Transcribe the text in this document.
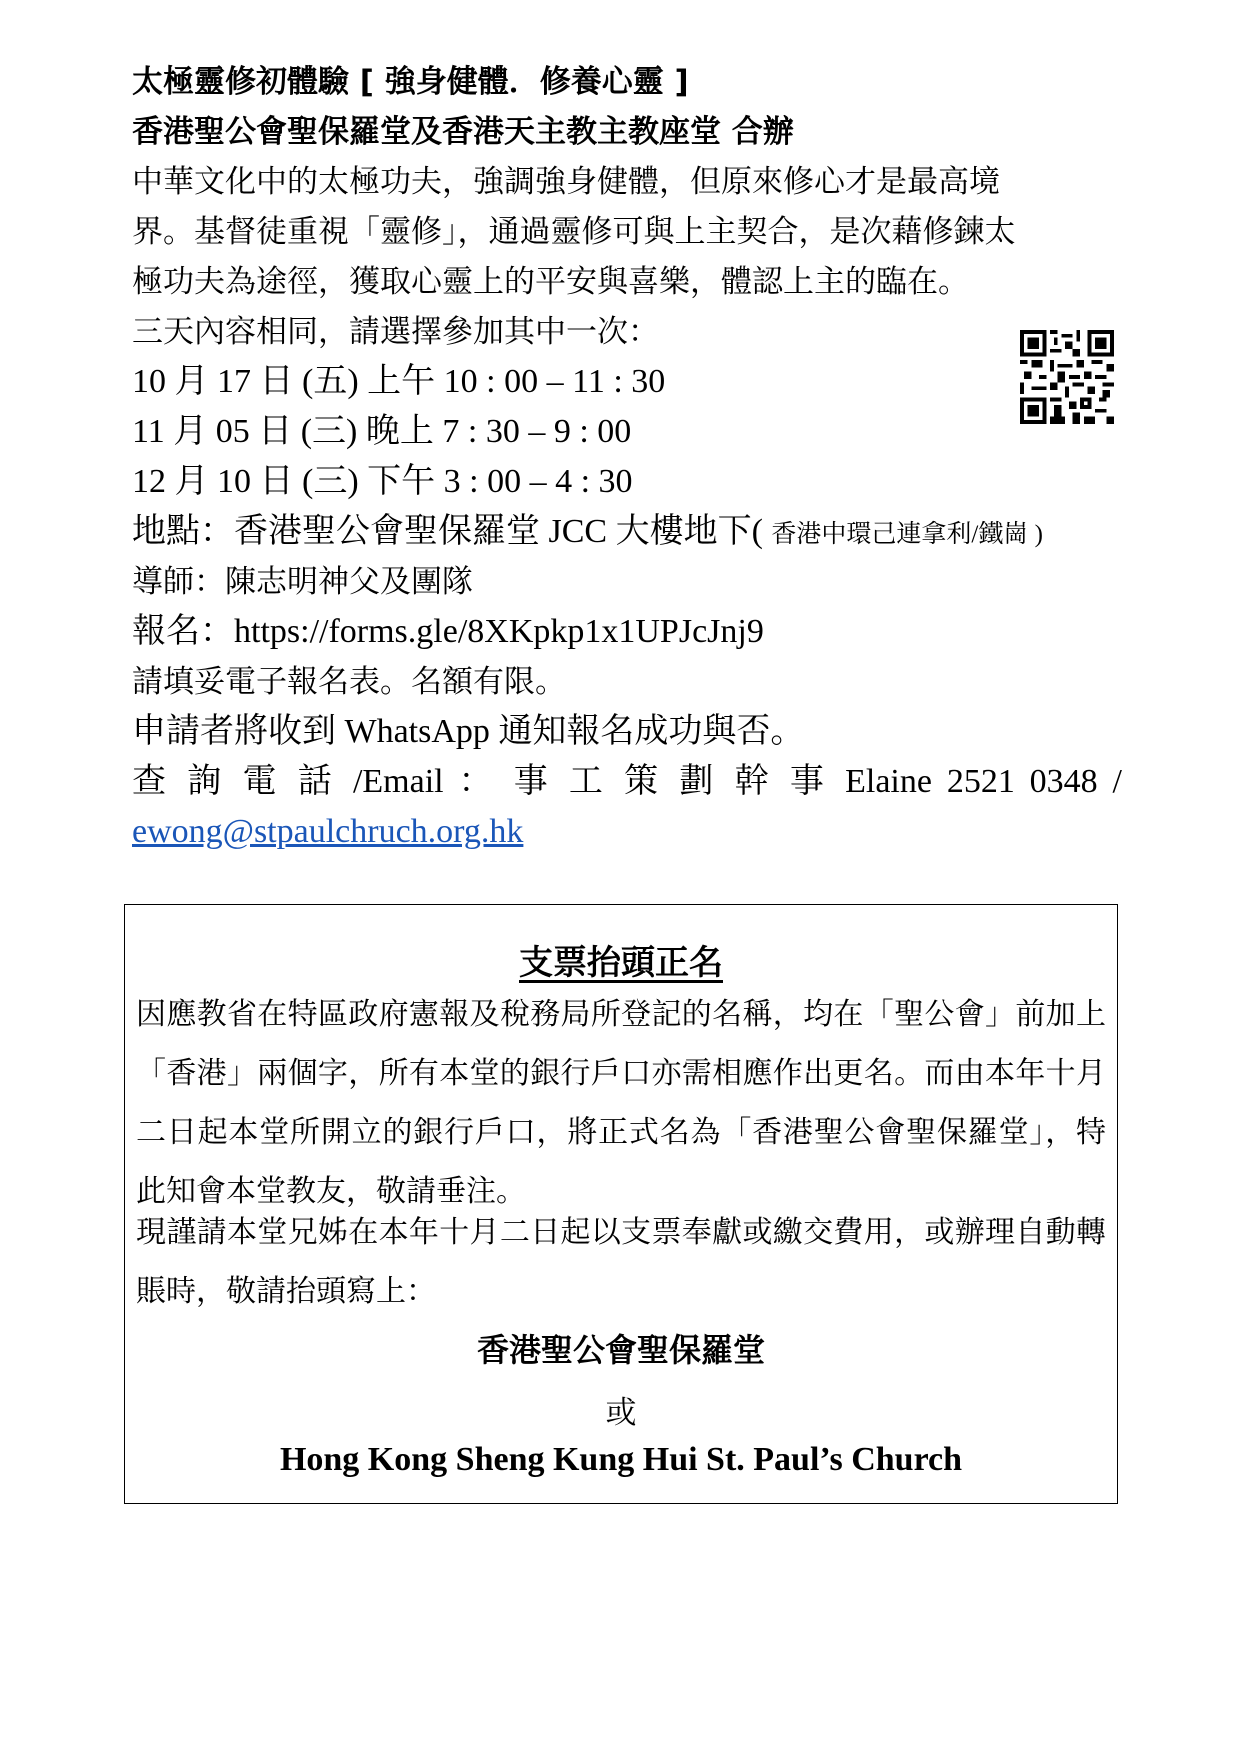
太極靈修初體驗 [ 強身健體．修養心靈 ]
香港聖公會聖保羅堂及香港天主教主教座堂 合辦
中華文化中的太極功夫，強調強身健體，但原來修心才是最高境
界。基督徒重視「靈修」，通過靈修可與上主契合，是次藉修鍊太
極功夫為途徑，獲取心靈上的平安與喜樂，體認上主的臨在。
三天內容相同，請選擇參加其中一次：
10 月 17 日 (五) 上午 10 : 00 – 11 : 30
11 月 05 日 (三) 晚上 7 : 30 – 9 : 00
12 月 10 日 (三) 下午 3 : 00 – 4 : 30
地點：香港聖公會聖保羅堂 JCC 大樓地下( 香港中環己連拿利/鐵崗 )
導師：陳志明神父及團隊
報名：https://forms.gle/8XKpkp1x1UPJcJnj9
請填妥電子報名表。名額有限。
申請者將收到 WhatsApp 通知報名成功與否。
查 詢 電 話 /Email ： 事 工 策 劃 幹 事 Elaine 2521 0348 /
ewong@stpaulchruch.org.hk
支票抬頭正名
因應教省在特區政府憲報及稅務局所登記的名稱，均在「聖公會」前加上「香港」兩個字，所有本堂的銀行戶口亦需相應作出更名。而由本年十月二日起本堂所開立的銀行戶口，將正式名為「香港聖公會聖保羅堂」，特此知會本堂教友，敬請垂注。
現謹請本堂兄姊在本年十月二日起以支票奉獻或繳交費用，或辦理自動轉賬時，敬請抬頭寫上：
香港聖公會聖保羅堂
或
Hong Kong Sheng Kung Hui St. Paul’s Church
